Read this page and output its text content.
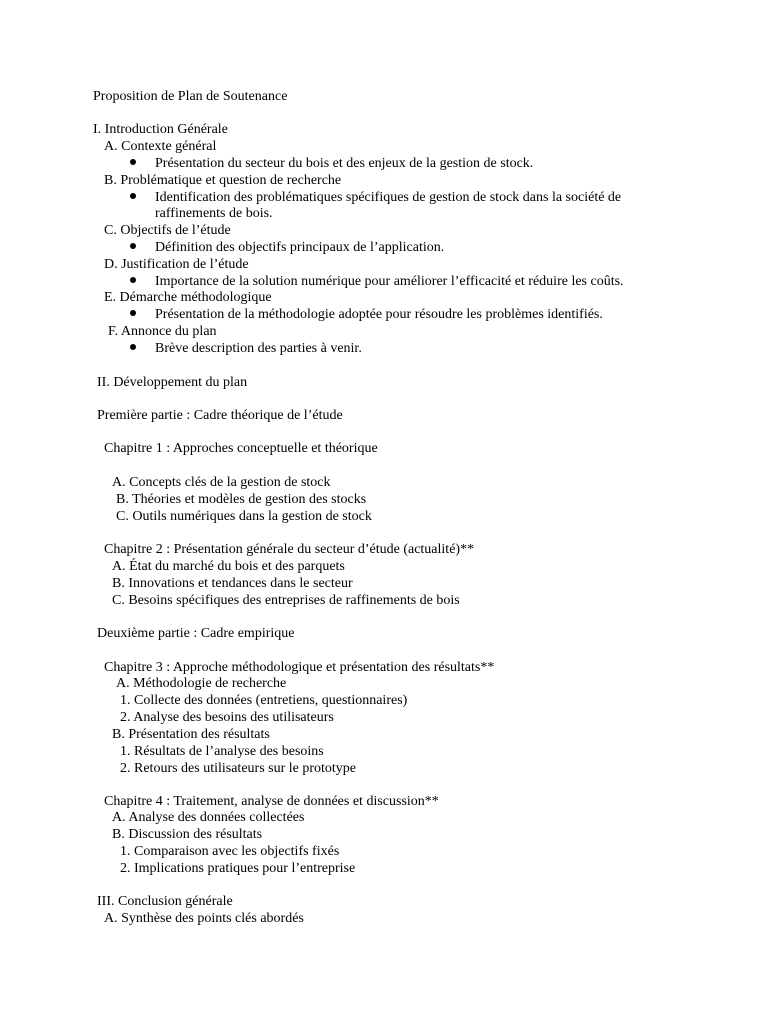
Proposition de Plan de Soutenance
I. Introduction Générale
A. Contexte général
Présentation du secteur du bois et des enjeux de la gestion de stock.
B. Problématique et question de recherche
Identification des problématiques spécifiques de gestion de stock dans la société de
raffinements de bois.
C. Objectifs de l’étude
Définition des objectifs principaux de l’application.
D. Justification de l’étude
Importance de la solution numérique pour améliorer l’efficacité et réduire les coûts.
E. Démarche méthodologique
Présentation de la méthodologie adoptée pour résoudre les problèmes identifiés.
F. Annonce du plan
Brève description des parties à venir.
II. Développement du plan
Première partie : Cadre théorique de l’étude
Chapitre 1 : Approches conceptuelle et théorique
A. Concepts clés de la gestion de stock
B. Théories et modèles de gestion des stocks
C. Outils numériques dans la gestion de stock
Chapitre 2 : Présentation générale du secteur d’étude (actualité)**
A. État du marché du bois et des parquets
B. Innovations et tendances dans le secteur
C. Besoins spécifiques des entreprises de raffinements de bois
Deuxième partie : Cadre empirique
Chapitre 3 : Approche méthodologique et présentation des résultats**
A. Méthodologie de recherche
1. Collecte des données (entretiens, questionnaires)
2. Analyse des besoins des utilisateurs
B. Présentation des résultats
1. Résultats de l’analyse des besoins
2. Retours des utilisateurs sur le prototype
Chapitre 4 : Traitement, analyse de données et discussion**
A. Analyse des données collectées
B. Discussion des résultats
1. Comparaison avec les objectifs fixés
2. Implications pratiques pour l’entreprise
III. Conclusion générale
A. Synthèse des points clés abordés
